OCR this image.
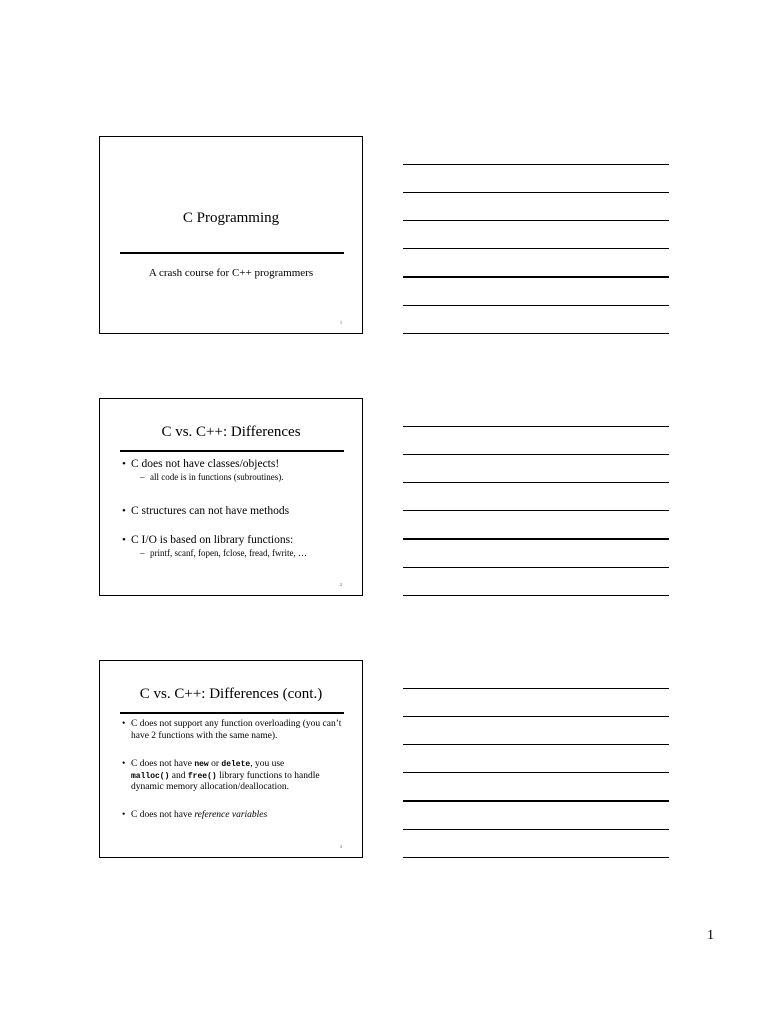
C Programming
A crash course for C++ programmers
1
C vs. C++: Differences
• C does not have classes/objects!
– all code is in functions (subroutines).
• C structures can not have methods
• C I/O is based on library functions:
– printf, scanf, fopen, fclose, fread, fwrite, …
2
C vs. C++: Differences (cont.)
• C does not support any function overloading (you can’t have 2 functions with the same name).
• C does not have new or delete, you use
malloc() and free() library functions to handle dynamic memory allocation/deallocation.
• C does not have reference variables
3
1
